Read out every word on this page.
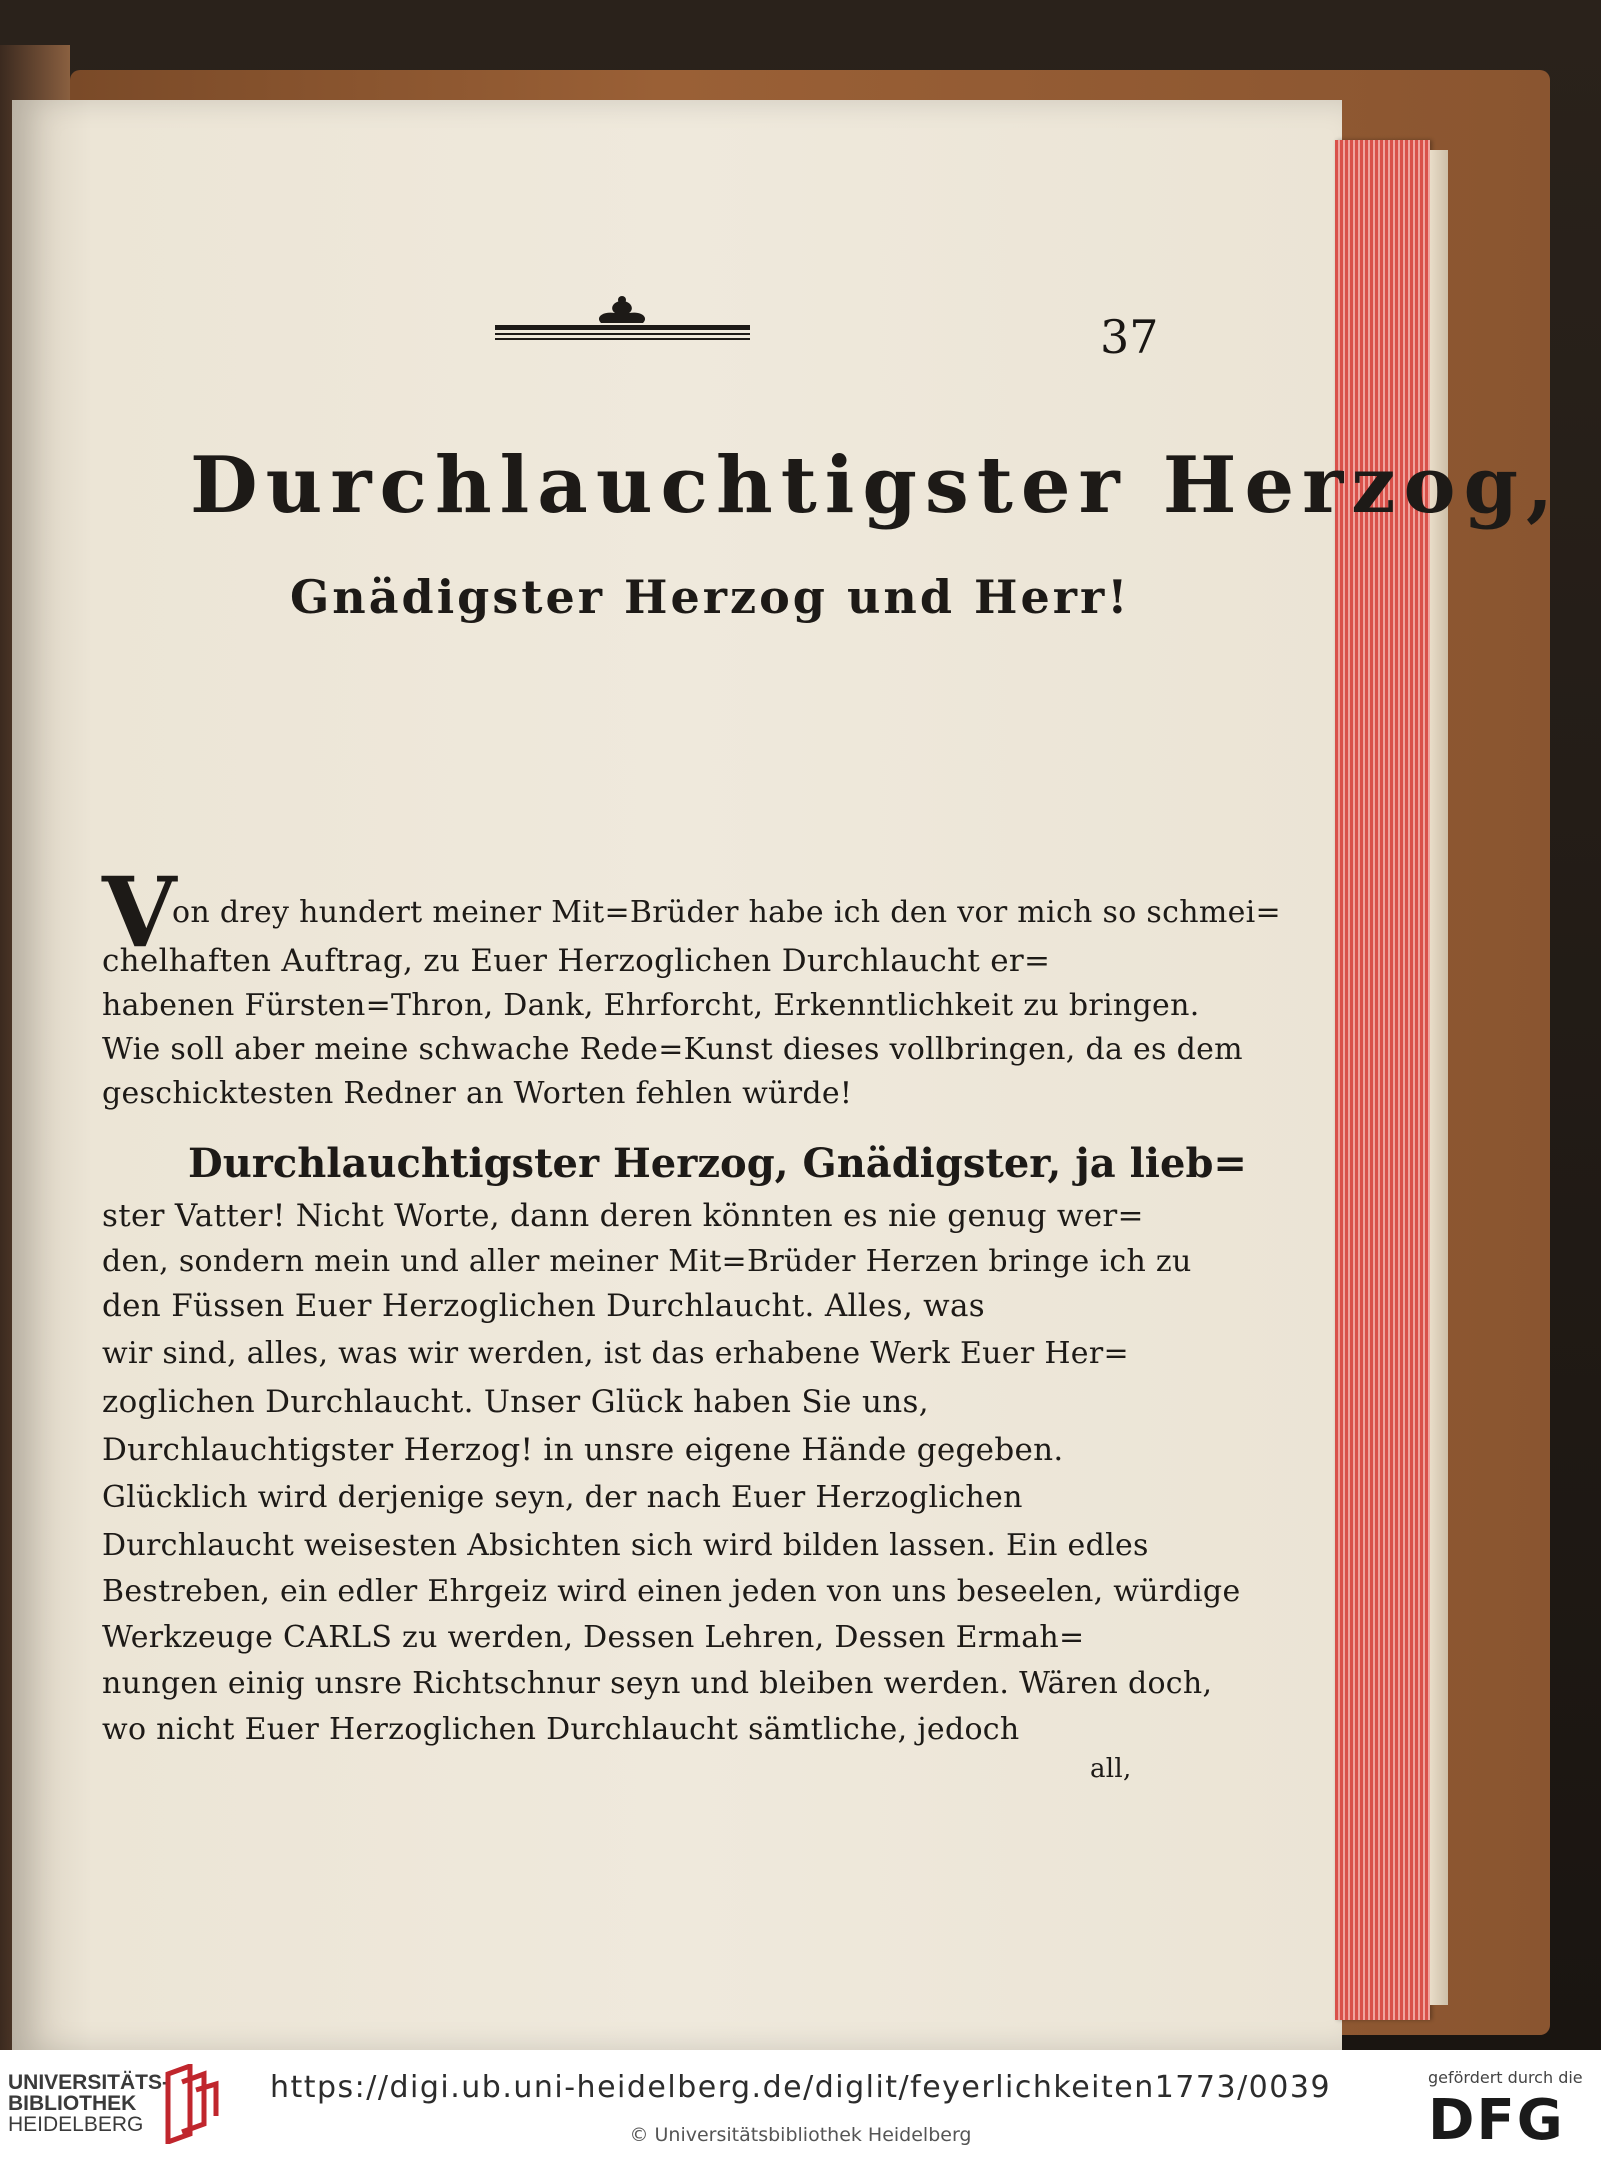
37
Durchlauchtigster Herzog,
Gnädigster Herzog und Herr!
V
on drey hundert meiner Mit=Brüder habe ich den vor mich so schmei=
chelhaften Auftrag, zu Euer Herzoglichen Durchlaucht er=
habenen Fürsten=Thron, Dank, Ehrforcht, Erkenntlichkeit zu bringen.
Wie soll aber meine schwache Rede=Kunst dieses vollbringen, da es dem
geschicktesten Redner an Worten fehlen würde!
Durchlauchtigster Herzog, Gnädigster, ja lieb=
ster Vatter! Nicht Worte, dann deren könnten es nie genug wer=
den, sondern mein und aller meiner Mit=Brüder Herzen bringe ich zu
den Füssen Euer Herzoglichen Durchlaucht. Alles, was
wir sind, alles, was wir werden, ist das erhabene Werk Euer Her=
zoglichen Durchlaucht. Unser Glück haben Sie uns,
Durchlauchtigster Herzog! in unsre eigene Hände gegeben.
Glücklich wird derjenige seyn, der nach Euer Herzoglichen
Durchlaucht weisesten Absichten sich wird bilden lassen. Ein edles
Bestreben, ein edler Ehrgeiz wird einen jeden von uns beseelen, würdige
Werkzeuge CARLS zu werden, Dessen Lehren, Dessen Ermah=
nungen einig unsre Richtschnur seyn und bleiben werden. Wären doch,
wo nicht Euer Herzoglichen Durchlaucht sämtliche, jedoch
all,
UNIVERSITÄTS-
BIBLIOTHEK
HEIDELBERG
https://digi.ub.uni-heidelberg.de/diglit/feyerlichkeiten1773/0039
© Universitätsbibliothek Heidelberg
gefördert durch die
DFG
